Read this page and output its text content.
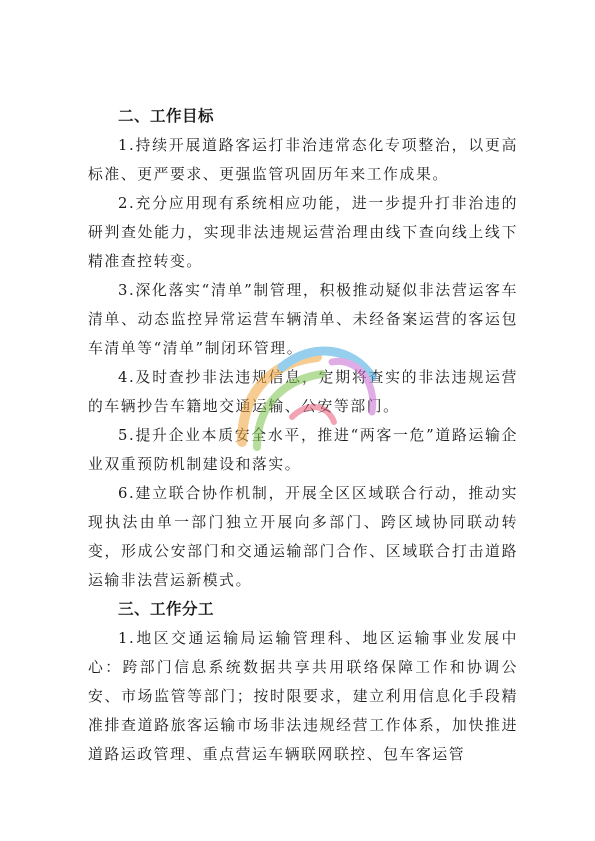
二、工作目标

1.持续开展道路客运打非治违常态化专项整治，以更高标准、更严要求、更强监管巩固历年来工作成果。

2.充分应用现有系统相应功能，进一步提升打非治违的研判查处能力，实现非法违规运营治理由线下查向线上线下精准查控转变。

3.深化落实“清单”制管理，积极推动疑似非法营运客车清单、动态监控异常运营车辆清单、未经备案运营的客运包车清单等“清单”制闭环管理。

4.及时查抄非法违规信息，定期将查实的非法违规运营的车辆抄告车籍地交通运输、公安等部门。

5.提升企业本质安全水平，推进“两客一危”道路运输企业双重预防机制建设和落实。

6.建立联合协作机制，开展全区区域联合行动，推动实现执法由单一部门独立开展向多部门、跨区域协同联动转变，形成公安部门和交通运输部门合作、区域联合打击道路运输非法营运新模式。

三、工作分工

1.地区交通运输局运输管理科、地区运输事业发展中心：跨部门信息系统数据共享共用联络保障工作和协调公安、市场监管等部门；按时限要求，建立利用信息化手段精准排查道路旅客运输市场非法违规经营工作体系，加快推进道路运政管理、重点营运车辆联网联控、包车客运管
